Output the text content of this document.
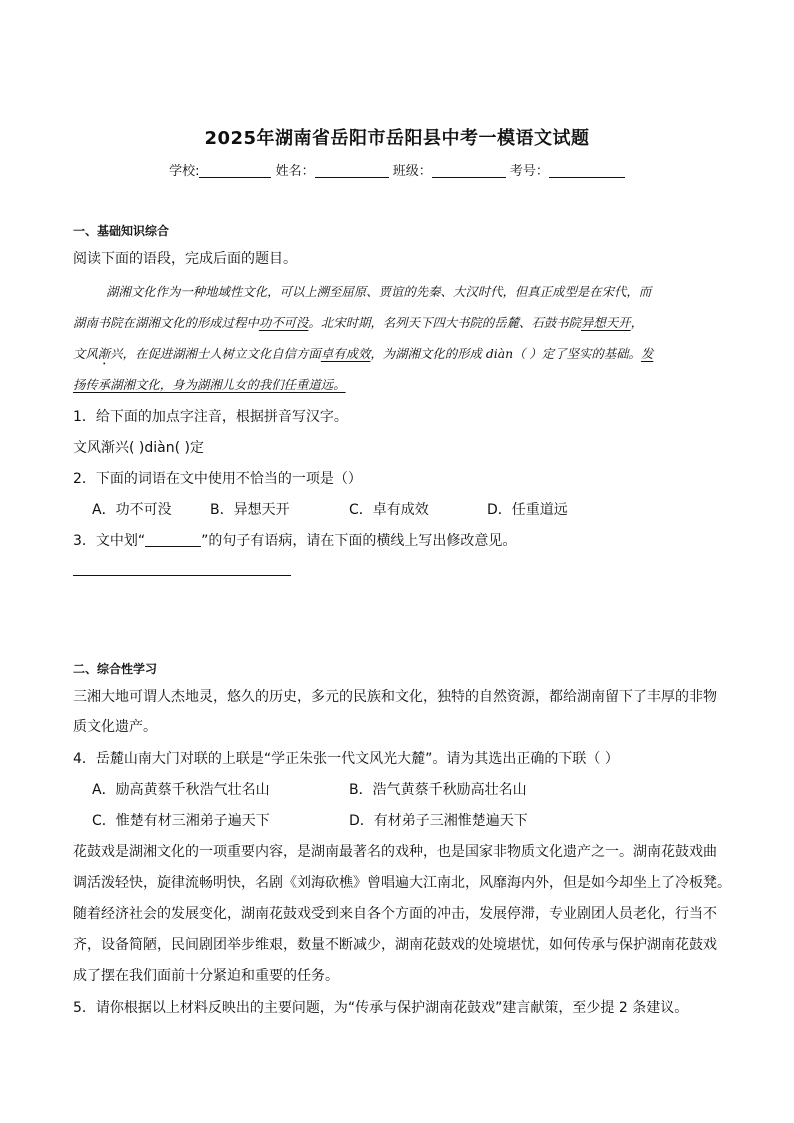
2025年湖南省岳阳市岳阳县中考一模语文试题
学校:	姓名：	班级：	考号：
一、基础知识综合
阅读下面的语段，完成后面的题目。
湖湘文化作为一种地域性文化，可以上溯至屈原、贾谊的先秦、大汉时代，但真正成型是在宋代，而
湖南书院在湖湘文化的形成过程中功不可没。北宋时期，名列天下四大书院的岳麓、石鼓书院异想天开，
文风渐兴，在促进湖湘士人树立文化自信方面卓有成效，为湖湘文化的形成 diàn（ ）定了坚实的基础。发
扬传承湖湘文化，身为湖湘儿女的我们任重道远。
1．给下面的加点字注音，根据拼音写汉字。
文风渐兴( )diàn( )定
2．下面的词语在文中使用不恰当的一项是（）
A．功不可没	B．异想天开	C．卓有成效	D．任重道远
3．文中划“	”的句子有语病，请在下面的横线上写出修改意见。
二、综合性学习
三湘大地可谓人杰地灵，悠久的历史，多元的民族和文化，独特的自然资源，都给湖南留下了丰厚的非物
质文化遗产。
4．岳麓山南大门对联的上联是“学正朱张一代文风光大麓”。请为其选出正确的下联（ ）
A．励高黄蔡千秋浩气壮名山	B．浩气黄蔡千秋励高壮名山
C．惟楚有材三湘弟子遍天下	D．有材弟子三湘惟楚遍天下
花鼓戏是湖湘文化的一项重要内容，是湖南最著名的戏种，也是国家非物质文化遗产之一。湖南花鼓戏曲
调活泼轻快，旋律流畅明快，名剧《刘海砍樵》曾唱遍大江南北，风靡海内外，但是如今却坐上了冷板凳。
随着经济社会的发展变化，湖南花鼓戏受到来自各个方面的冲击，发展停滞，专业剧团人员老化，行当不
齐，设备简陋，民间剧团举步维艰，数量不断减少，湖南花鼓戏的处境堪忧，如何传承与保护湖南花鼓戏
成了摆在我们面前十分紧迫和重要的任务。
5．请你根据以上材料反映出的主要问题，为“传承与保护湖南花鼓戏”建言献策，至少提 2 条建议。
